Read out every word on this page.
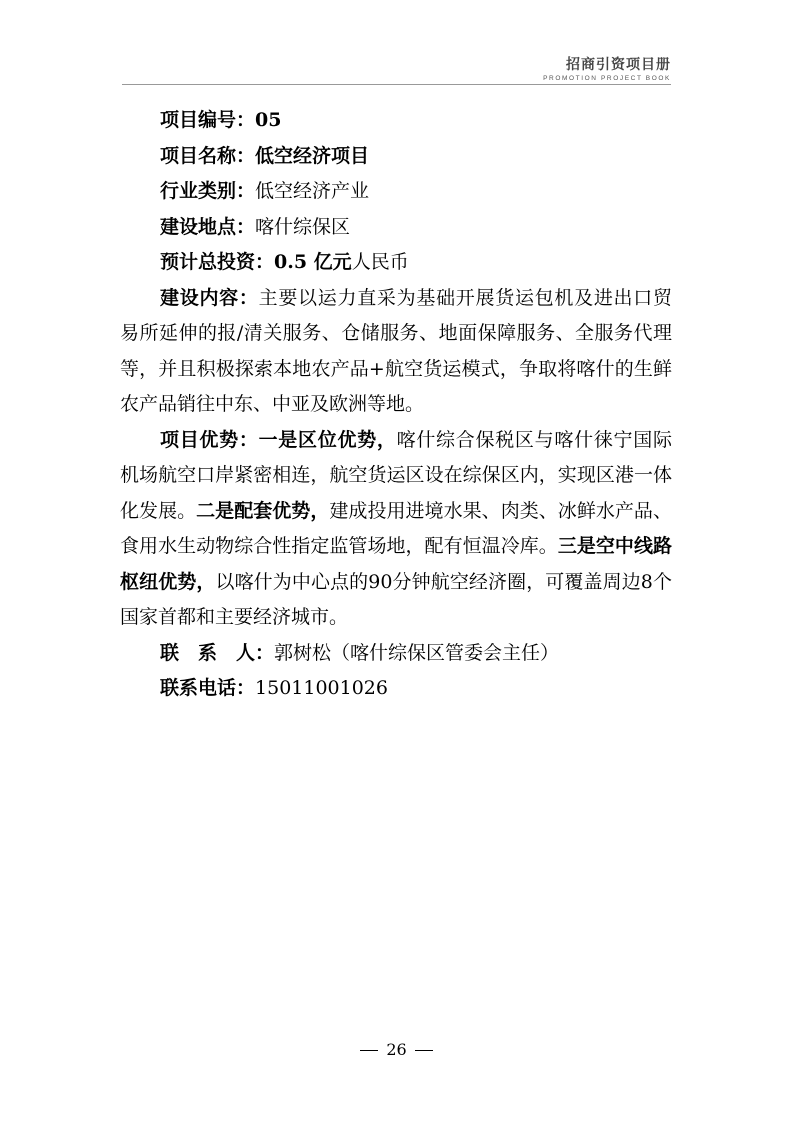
招商引资项目册
PROMOTION PROJECT BOOK
项目编号：05
项目名称：低空经济项目
行业类别：低空经济产业
建设地点：喀什综保区
预计总投资：0.5 亿元人民币

建设内容：主要以运力直采为基础开展货运包机及进出口贸易所延伸的报/清关服务、仓储服务、地面保障服务、全服务代理等，并且积极探索本地农产品+航空货运模式，争取将喀什的生鲜农产品销往中东、中亚及欧洲等地。

项目优势：一是区位优势，喀什综合保税区与喀什徕宁国际机场航空口岸紧密相连，航空货运区设在综保区内，实现区港一体化发展。二是配套优势，建成投用进境水果、肉类、冰鲜水产品、食用水生动物综合性指定监管场地，配有恒温冷库。三是空中线路枢纽优势，以喀什为中心点的90分钟航空经济圈，可覆盖周边8个国家首都和主要经济城市。

联　系　人：郭树松（喀什综保区管委会主任）
联系电话：15011001026
26
